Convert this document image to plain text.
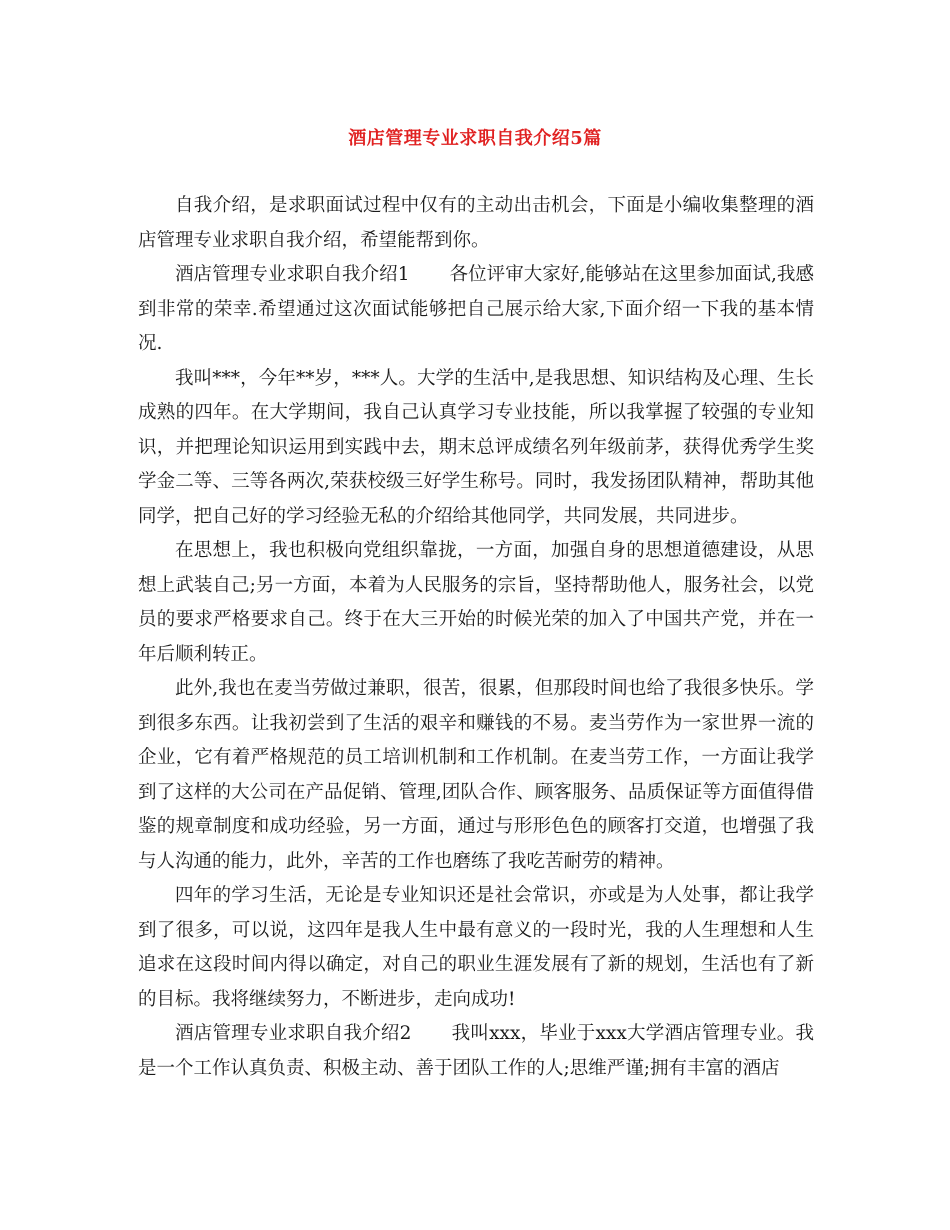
酒店管理专业求职自我介绍5篇

自我介绍，是求职面试过程中仅有的主动出击机会，下面是小编收集整理的酒店管理专业求职自我介绍，希望能帮到你。

酒店管理专业求职自我介绍1 各位评审大家好,能够站在这里参加面试,我感到非常的荣幸.希望通过这次面试能够把自己展示给大家,下面介绍一下我的基本情况.

我叫***，今年**岁，***人。大学的生活中,是我思想、知识结构及心理、生长成熟的四年。在大学期间，我自己认真学习专业技能，所以我掌握了较强的专业知识，并把理论知识运用到实践中去，期末总评成绩名列年级前茅，获得优秀学生奖学金二等、三等各两次,荣获校级三好学生称号。同时，我发扬团队精神，帮助其他同学，把自己好的学习经验无私的介绍给其他同学，共同发展，共同进步。

在思想上，我也积极向党组织靠拢，一方面，加强自身的思想道德建设，从思想上武装自己;另一方面，本着为人民服务的宗旨，坚持帮助他人，服务社会，以党员的要求严格要求自己。终于在大三开始的时候光荣的加入了中国共产党，并在一年后顺利转正。

此外,我也在麦当劳做过兼职，很苦，很累，但那段时间也给了我很多快乐。学到很多东西。让我初尝到了生活的艰辛和赚钱的不易。麦当劳作为一家世界一流的企业，它有着严格规范的员工培训机制和工作机制。在麦当劳工作，一方面让我学到了这样的大公司在产品促销、管理,团队合作、顾客服务、品质保证等方面值得借鉴的规章制度和成功经验，另一方面，通过与形形色色的顾客打交道，也增强了我与人沟通的能力，此外，辛苦的工作也磨练了我吃苦耐劳的精神。

四年的学习生活，无论是专业知识还是社会常识，亦或是为人处事，都让我学到了很多，可以说，这四年是我人生中最有意义的一段时光，我的人生理想和人生追求在这段时间内得以确定，对自己的职业生涯发展有了新的规划，生活也有了新的目标。我将继续努力，不断进步，走向成功!

酒店管理专业求职自我介绍2 我叫xxx，毕业于xxx大学酒店管理专业。我是一个工作认真负责、积极主动、善于团队工作的人;思维严谨;拥有丰富的酒店
